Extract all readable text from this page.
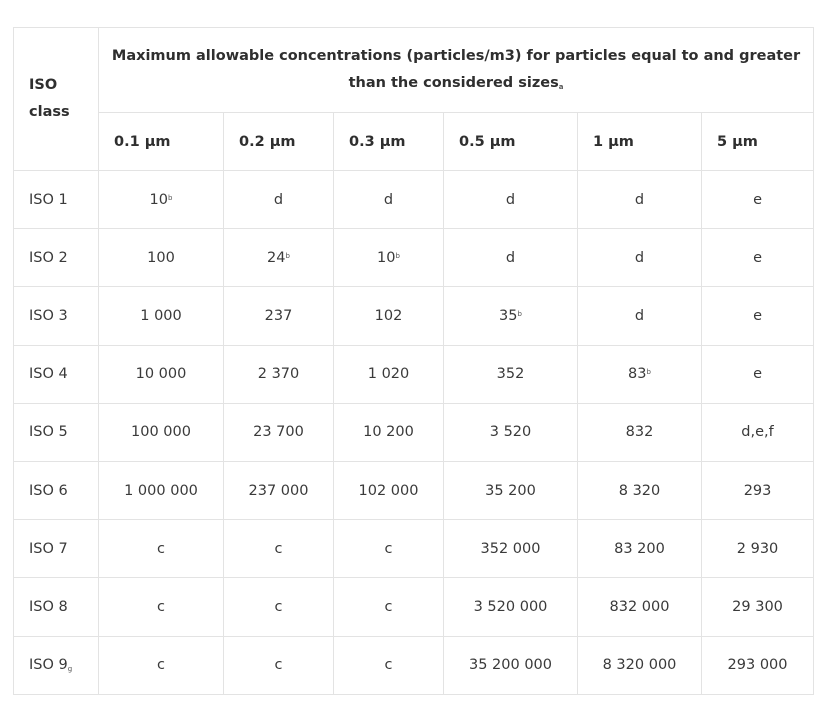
ISO class	Maximum allowable concentrations (particles/m3) for particles equal to and greater than the considered sizes$_a$
	0.1 µm	0.2 µm	0.3 µm	0.5 µm	1 µm	5 µm
ISO 1	10$^b$	d	d	d	d	e
ISO 2	100	24$^b$	10$^b$	d	d	e
ISO 3	1 000	237	102	35$^b$	d	e
ISO 4	10 000	2 370	1 020	352	83$^b$	e
ISO 5	100 000	23 700	10 200	3 520	832	d,e,f
ISO 6	1 000 000	237 000	102 000	35 200	8 320	293
ISO 7	c	c	c	352 000	83 200	2 930
ISO 8	c	c	c	3 520 000	832 000	29 300
ISO $9_g$	c	c	c	35 200 000	8 320 000	293 000
